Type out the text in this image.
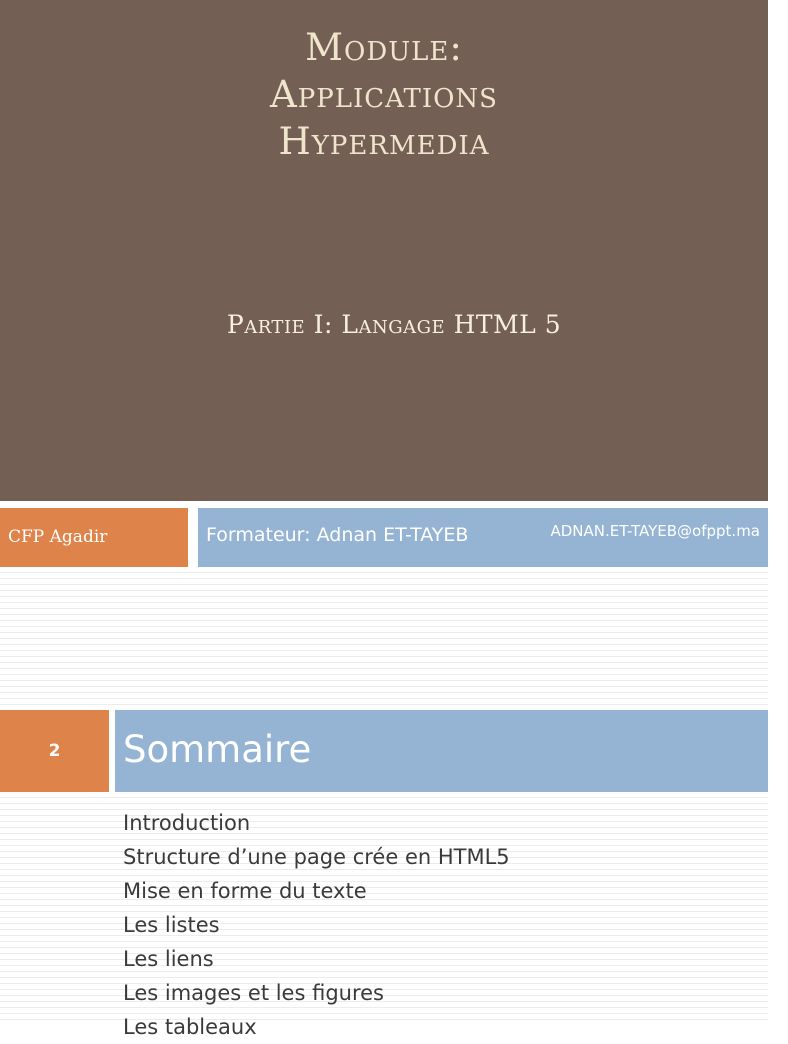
Module:
Applications
Hypermedia
Partie I: Langage HTML 5
CFP Agadir	Formateur: Adnan ET-TAYEB	ADNAN.ET-TAYEB@ofppt.ma
2	Sommaire
Introduction
Structure d’une page crée en HTML5
Mise en forme du texte
Les listes
Les liens
Les images et les figures
Les tableaux
